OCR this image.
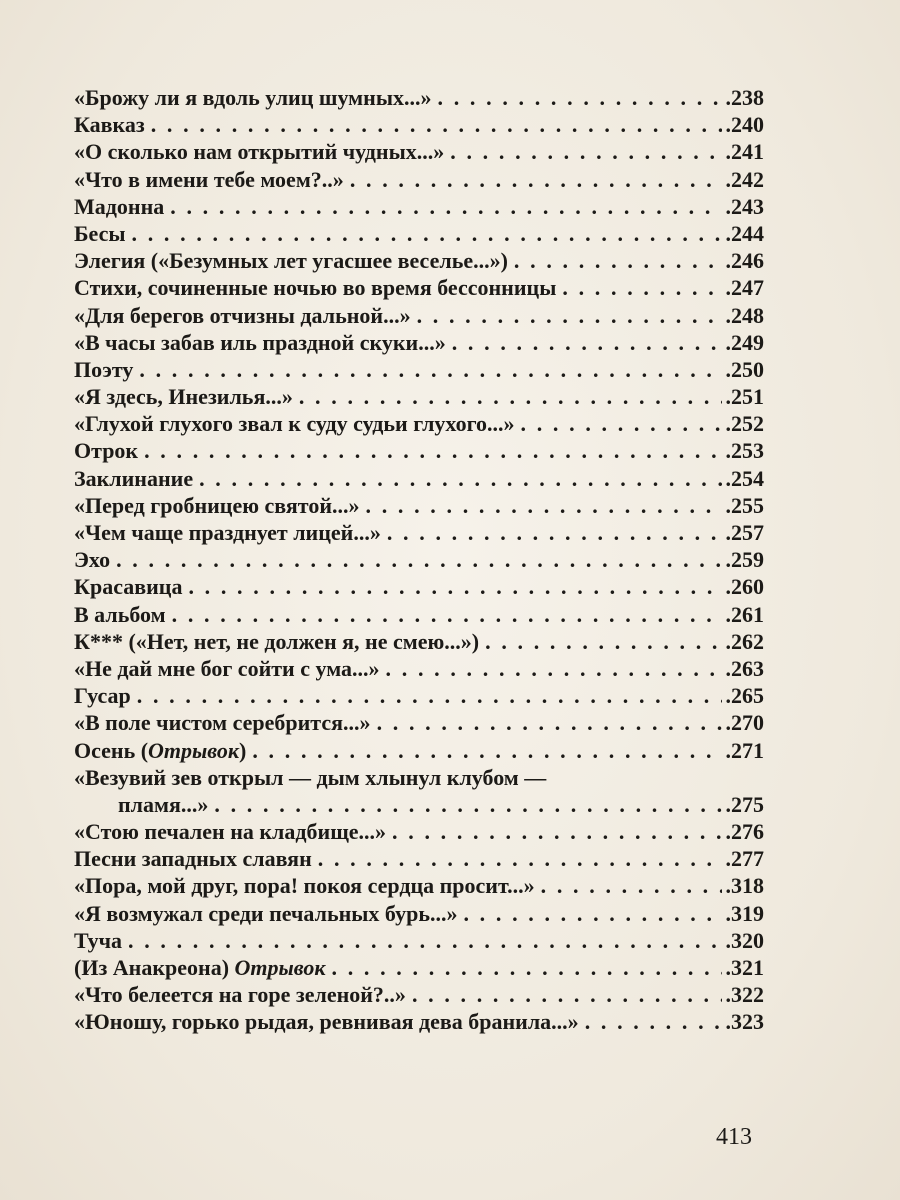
«Брожу ли я вдоль улиц шумных...» . . .	. 238
Кавказ . . .	. 240
«О сколько нам открытий чудных...» . . .	. 241
«Что в имени тебе моем?..» . . .	. 242
Мадонна . . .	. 243
Бесы . . .	. 244
Элегия («Безумных лет угасшее веселье...») . . .	. 246
Стихи, сочиненные ночью во время бессонницы . . .	. 247
«Для берегов отчизны дальной...» . . .	. 248
«В часы забав иль праздной скуки...» . . .	. 249
Поэту . . .	. 250
«Я здесь, Инезилья...» . . .	. 251
«Глухой глухого звал к суду судьи глухого...» . . .	. 252
Отрок . . .	. 253
Заклинание . . .	. 254
«Перед гробницею святой...» . . .	. 255
«Чем чаще празднует лицей...» . . .	. 257
Эхо . . .	. 259
Красавица . . .	. 260
В альбом . . .	. 261
К*** («Нет, нет, не должен я, не смею...») . . .	. 262
«Не дай мне бог сойти с ума...» . . .	. 263
Гусар . . .	. 265
«В поле чистом серебрится...» . . .	. 270
Осень (Отрывок) . . .	. 271
«Везувий зев открыл — дым хлынул клубом —
пламя...» . . .	. 275
«Стою печален на кладбище...» . . .	. 276
Песни западных славян . . .	. 277
«Пора, мой друг, пора! покоя сердца просит...» . . .	. 318
«Я возмужал среди печальных бурь...» . . .	. 319
Туча . . .	. 320
(Из Анакреона) Отрывок . . .	. 321
«Что белеется на горе зеленой?..» . . .	. 322
«Юношу, горько рыдая, ревнивая дева бранила...» . . .	. 323
413
